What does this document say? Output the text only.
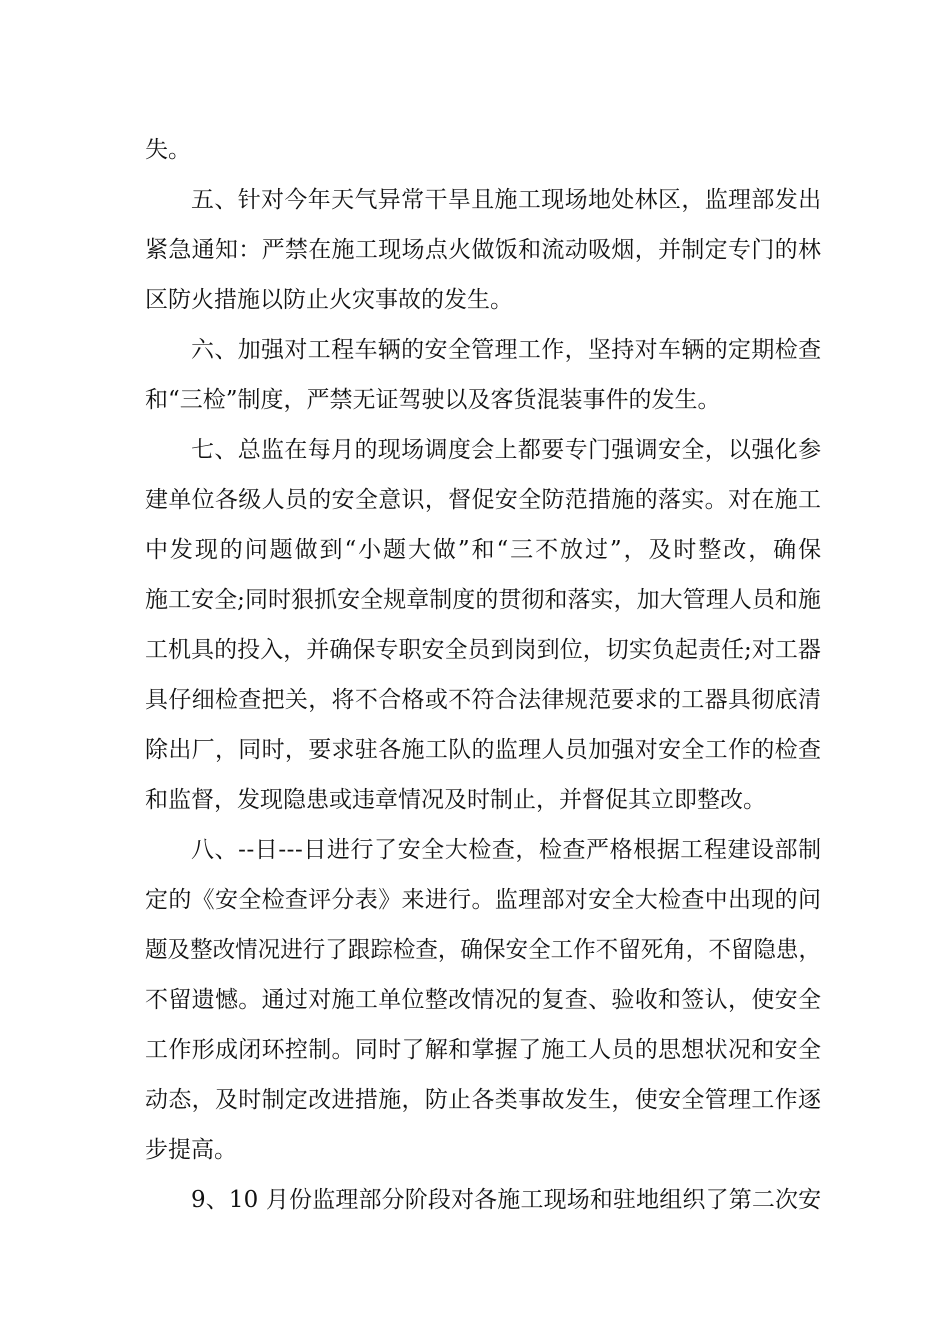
失。
五、针对今年天气异常干旱且施工现场地处林区，监理部发出
紧急通知：严禁在施工现场点火做饭和流动吸烟，并制定专门的林
区防火措施以防止火灾事故的发生。
六、加强对工程车辆的安全管理工作，坚持对车辆的定期检查
和“三检”制度，严禁无证驾驶以及客货混装事件的发生。
七、总监在每月的现场调度会上都要专门强调安全，以强化参
建单位各级人员的安全意识，督促安全防范措施的落实。对在施工
中发现的问题做到“小题大做”和“三不放过”，及时整改，确保
施工安全;同时狠抓安全规章制度的贯彻和落实，加大管理人员和施
工机具的投入，并确保专职安全员到岗到位，切实负起责任;对工器
具仔细检查把关，将不合格或不符合法律规范要求的工器具彻底清
除出厂，同时，要求驻各施工队的监理人员加强对安全工作的检查
和监督，发现隐患或违章情况及时制止，并督促其立即整改。
八、--日---日进行了安全大检查，检查严格根据工程建设部制
定的《安全检查评分表》来进行。监理部对安全大检查中出现的问
题及整改情况进行了跟踪检查，确保安全工作不留死角，不留隐患，
不留遗憾。通过对施工单位整改情况的复查、验收和签认，使安全
工作形成闭环控制。同时了解和掌握了施工人员的思想状况和安全
动态，及时制定改进措施，防止各类事故发生，使安全管理工作逐
步提高。
9、10 月份监理部分阶段对各施工现场和驻地组织了第二次安
